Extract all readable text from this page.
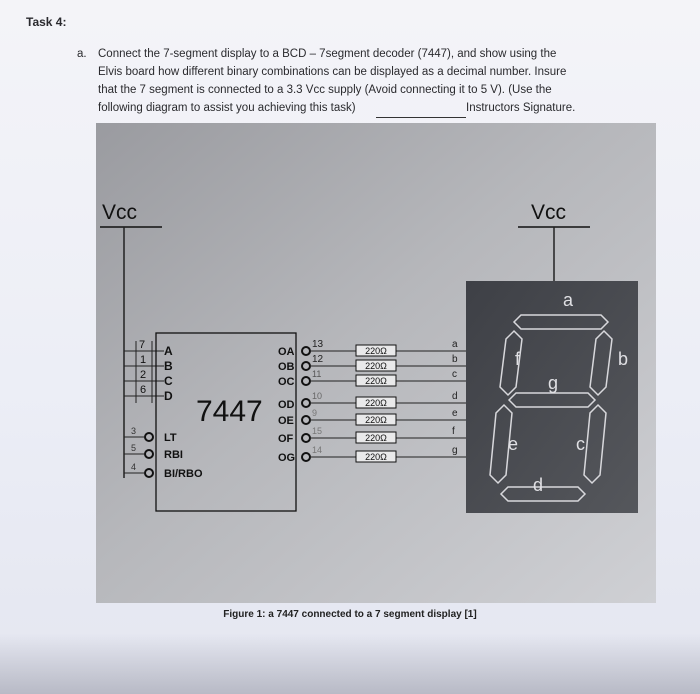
Task 4:
a. Connect the 7-segment display to a BCD – 7segment decoder (7447), and show using the
Elvis board how different binary combinations can be displayed as a decimal number. Insure
that the 7 segment is connected to a 3.3 Vcc supply (Avoid connecting it to 5 V). (Use the
following diagram to assist you achieving this task)	Instructors Signature.
Vcc
7
1
2
6
3
5
4
A
B
C
D
LT
RBI
BI/RBO
7447
OA
OB
OC
OD
OE
OF
OG
13
12
11
10
9
15
14
220Ω
220Ω
220Ω
220Ω
220Ω
220Ω
220Ω
a
b
c
d
e
f
g
Vcc
a
b
c
d
e
f
g
Figure 1: a 7447 connected to a 7 segment display [1]
